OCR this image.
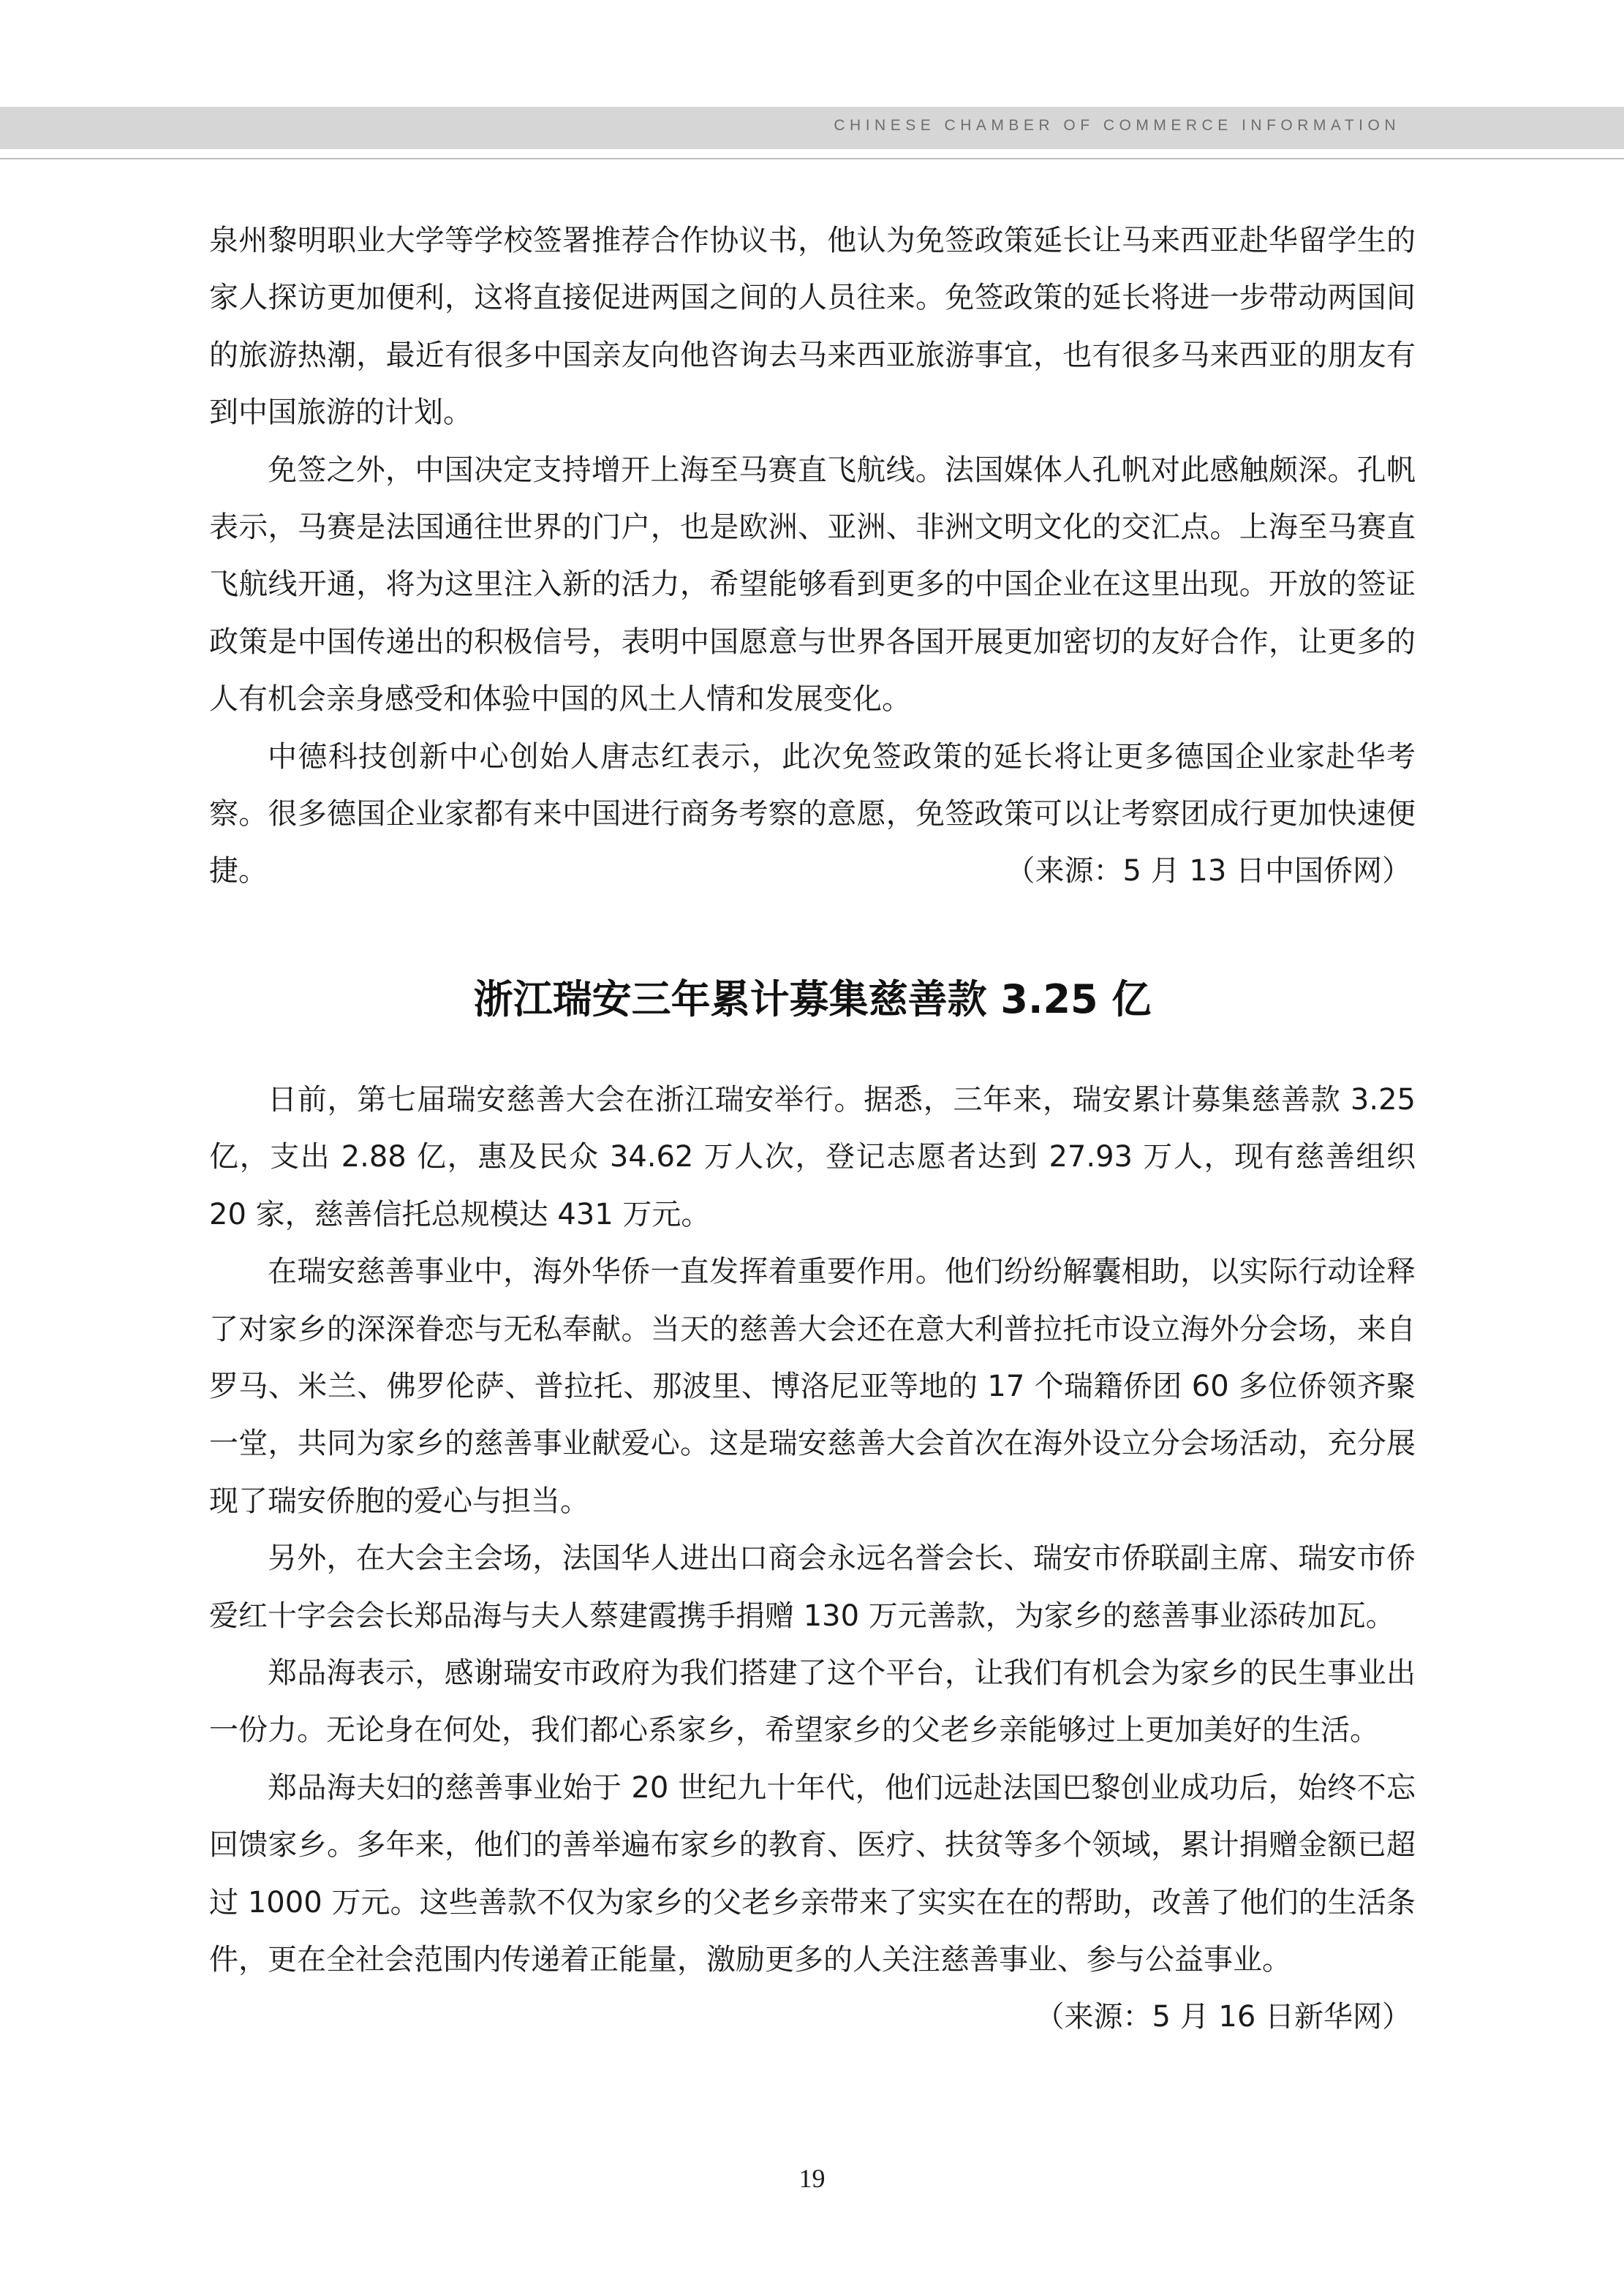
CHINESE CHAMBER OF COMMERCE INFORMATION

泉州黎明职业大学等学校签署推荐合作协议书，他认为免签政策延长让马来西亚赴华留学生的家人探访更加便利，这将直接促进两国之间的人员往来。免签政策的延长将进一步带动两国间的旅游热潮，最近有很多中国亲友向他咨询去马来西亚旅游事宜，也有很多马来西亚的朋友有到中国旅游的计划。

免签之外，中国决定支持增开上海至马赛直飞航线。法国媒体人孔帆对此感触颇深。孔帆表示，马赛是法国通往世界的门户，也是欧洲、亚洲、非洲文明文化的交汇点。上海至马赛直飞航线开通，将为这里注入新的活力，希望能够看到更多的中国企业在这里出现。开放的签证政策是中国传递出的积极信号，表明中国愿意与世界各国开展更加密切的友好合作，让更多的人有机会亲身感受和体验中国的风土人情和发展变化。

中德科技创新中心创始人唐志红表示，此次免签政策的延长将让更多德国企业家赴华考察。很多德国企业家都有来中国进行商务考察的意愿，免签政策可以让考察团成行更加快速便捷。	（来源：5 月 13 日中国侨网）
浙江瑞安三年累计募集慈善款 3.25 亿

日前，第七届瑞安慈善大会在浙江瑞安举行。据悉，三年来，瑞安累计募集慈善款 3.25 亿，支出 2.88 亿，惠及民众 34.62 万人次，登记志愿者达到 27.93 万人，现有慈善组织 20 家，慈善信托总规模达 431 万元。

在瑞安慈善事业中，海外华侨一直发挥着重要作用。他们纷纷解囊相助，以实际行动诠释了对家乡的深深眷恋与无私奉献。当天的慈善大会还在意大利普拉托市设立海外分会场，来自罗马、米兰、佛罗伦萨、普拉托、那波里、博洛尼亚等地的 17 个瑞籍侨团 60 多位侨领齐聚一堂，共同为家乡的慈善事业献爱心。这是瑞安慈善大会首次在海外设立分会场活动，充分展现了瑞安侨胞的爱心与担当。

另外，在大会主会场，法国华人进出口商会永远名誉会长、瑞安市侨联副主席、瑞安市侨爱红十字会会长郑品海与夫人蔡建霞携手捐赠 130 万元善款，为家乡的慈善事业添砖加瓦。

郑品海表示，感谢瑞安市政府为我们搭建了这个平台，让我们有机会为家乡的民生事业出一份力。无论身在何处，我们都心系家乡，希望家乡的父老乡亲能够过上更加美好的生活。

郑品海夫妇的慈善事业始于 20 世纪九十年代，他们远赴法国巴黎创业成功后，始终不忘回馈家乡。多年来，他们的善举遍布家乡的教育、医疗、扶贫等多个领域，累计捐赠金额已超过 1000 万元。这些善款不仅为家乡的父老乡亲带来了实实在在的帮助，改善了他们的生活条件，更在全社会范围内传递着正能量，激励更多的人关注慈善事业、参与公益事业。

（来源：5 月 16 日新华网）
19
